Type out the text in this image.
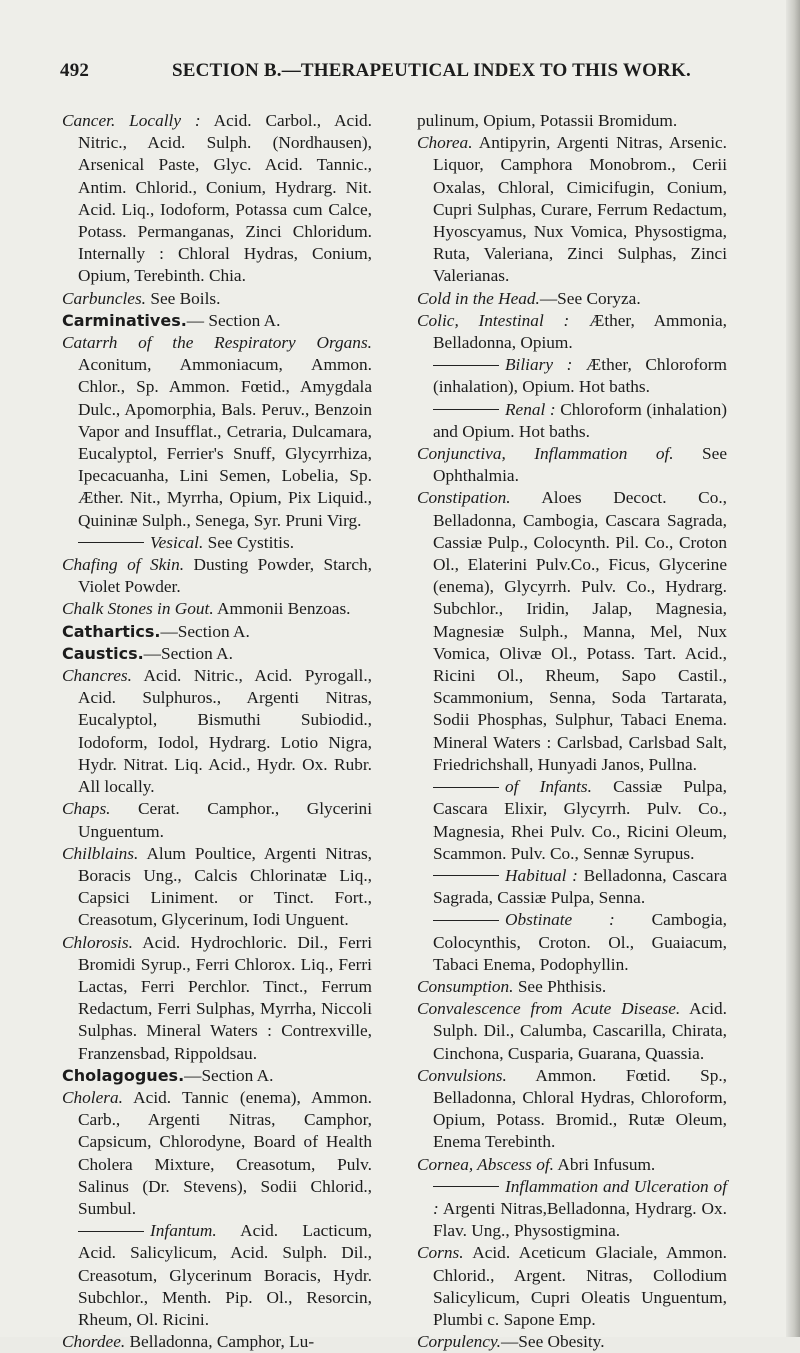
492	SECTION B.—THERAPEUTICAL INDEX TO THIS WORK.

Cancer. Locally : Acid. Carbol., Acid. Nitric., Acid. Sulph. (Nordhausen), Arsenical Paste, Glyc. Acid. Tannic., Antim. Chlorid., Conium, Hydrarg. Nit. Acid. Liq., Iodoform, Potassa cum Calce, Potass. Permanganas, Zinci Chloridum. Internally : Chloral Hydras, Conium, Opium, Terebinth. Chia.

Carbuncles. See Boils.

Carminatives.— Section A.

Catarrh of the Respiratory Organs. Aconitum, Ammoniacum, Ammon. Chlor., Sp. Ammon. Fœtid., Amygdala Dulc., Apomorphia, Bals. Peruv., Benzoin Vapor and Insufflat., Cetraria, Dulcamara, Eucalyptol, Ferrier's Snuff, Glycyrrhiza, Ipecacuanha, Lini Semen, Lobelia, Sp. Æther. Nit., Myrrha, Opium, Pix Liquid., Quininæ Sulph., Senega, Syr. Pruni Virg.

Vesical. See Cystitis.

Chafing of Skin. Dusting Powder, Starch, Violet Powder.

Chalk Stones in Gout. Ammonii Benzoas.

Cathartics.—Section A.

Caustics.—Section A.

Chancres. Acid. Nitric., Acid. Pyrogall., Acid. Sulphuros., Argenti Nitras, Eucalyptol, Bismuthi Subiodid., Iodoform, Iodol, Hydrarg. Lotio Nigra, Hydr. Nitrat. Liq. Acid., Hydr. Ox. Rubr. All locally.

Chaps. Cerat. Camphor., Glycerini Unguentum.

Chilblains. Alum Poultice, Argenti Nitras, Boracis Ung., Calcis Chlorinatæ Liq., Capsici Liniment. or Tinct. Fort., Creasotum, Glycerinum, Iodi Unguent.

Chlorosis. Acid. Hydrochloric. Dil., Ferri Bromidi Syrup., Ferri Chlorox. Liq., Ferri Lactas, Ferri Perchlor. Tinct., Ferrum Redactum, Ferri Sulphas, Myrrha, Niccoli Sulphas. Mineral Waters : Contrexville, Franzensbad, Rippoldsau.

Cholagogues.—Section A.

Cholera. Acid. Tannic (enema), Ammon. Carb., Argenti Nitras, Camphor, Capsicum, Chlorodyne, Board of Health Cholera Mixture, Creasotum, Pulv. Salinus (Dr. Stevens), Sodii Chlorid., Sumbul.

Infantum. Acid. Lacticum, Acid. Salicylicum, Acid. Sulph. Dil., Creasotum, Glycerinum Boracis, Hydr. Subchlor., Menth. Pip. Ol., Resorcin, Rheum, Ol. Ricini.

Chordee. Belladonna, Camphor, Lu-

pulinum, Opium, Potassii Bromidum.

Chorea. Antipyrin, Argenti Nitras, Arsenic. Liquor, Camphora Monobrom., Cerii Oxalas, Chloral, Cimicifugin, Conium, Cupri Sulphas, Curare, Ferrum Redactum, Hyoscyamus, Nux Vomica, Physostigma, Ruta, Valeriana, Zinci Sulphas, Zinci Valerianas.

Cold in the Head.—See Coryza.

Colic, Intestinal : Æther, Ammonia, Belladonna, Opium.

Biliary : Æther, Chloroform (inhalation), Opium. Hot baths.

Renal : Chloroform (inhalation) and Opium. Hot baths.

Conjunctiva, Inflammation of. See Ophthalmia.

Constipation. Aloes Decoct. Co., Belladonna, Cambogia, Cascara Sagrada, Cassiæ Pulp., Colocynth. Pil. Co., Croton Ol., Elaterini Pulv.Co., Ficus, Glycerine (enema), Glycyrrh. Pulv. Co., Hydrarg. Subchlor., Iridin, Jalap, Magnesia, Magnesiæ Sulph., Manna, Mel, Nux Vomica, Olivæ Ol., Potass. Tart. Acid., Ricini Ol., Rheum, Sapo Castil., Scammonium, Senna, Soda Tartarata, Sodii Phosphas, Sulphur, Tabaci Enema. Mineral Waters : Carlsbad, Carlsbad Salt, Friedrichshall, Hunyadi Janos, Pullna.

of Infants. Cassiæ Pulpa, Cascara Elixir, Glycyrrh. Pulv. Co., Magnesia, Rhei Pulv. Co., Ricini Oleum, Scammon. Pulv. Co., Sennæ Syrupus.

Habitual : Belladonna, Cascara Sagrada, Cassiæ Pulpa, Senna.

Obstinate : Cambogia, Colocynthis, Croton. Ol., Guaiacum, Tabaci Enema, Podophyllin.

Consumption. See Phthisis.

Convalescence from Acute Disease. Acid. Sulph. Dil., Calumba, Cascarilla, Chirata, Cinchona, Cusparia, Guarana, Quassia.

Convulsions. Ammon. Fœtid. Sp., Belladonna, Chloral Hydras, Chloroform, Opium, Potass. Bromid., Rutæ Oleum, Enema Terebinth.

Cornea, Abscess of. Abri Infusum.

Inflammation and Ulceration of : Argenti Nitras,Belladonna, Hydrarg. Ox. Flav. Ung., Physostigmina.

Corns. Acid. Aceticum Glaciale, Ammon. Chlorid., Argent. Nitras, Collodium Salicylicum, Cupri Oleatis Unguentum, Plumbi c. Sapone Emp.

Corpulency.—See Obesity.
